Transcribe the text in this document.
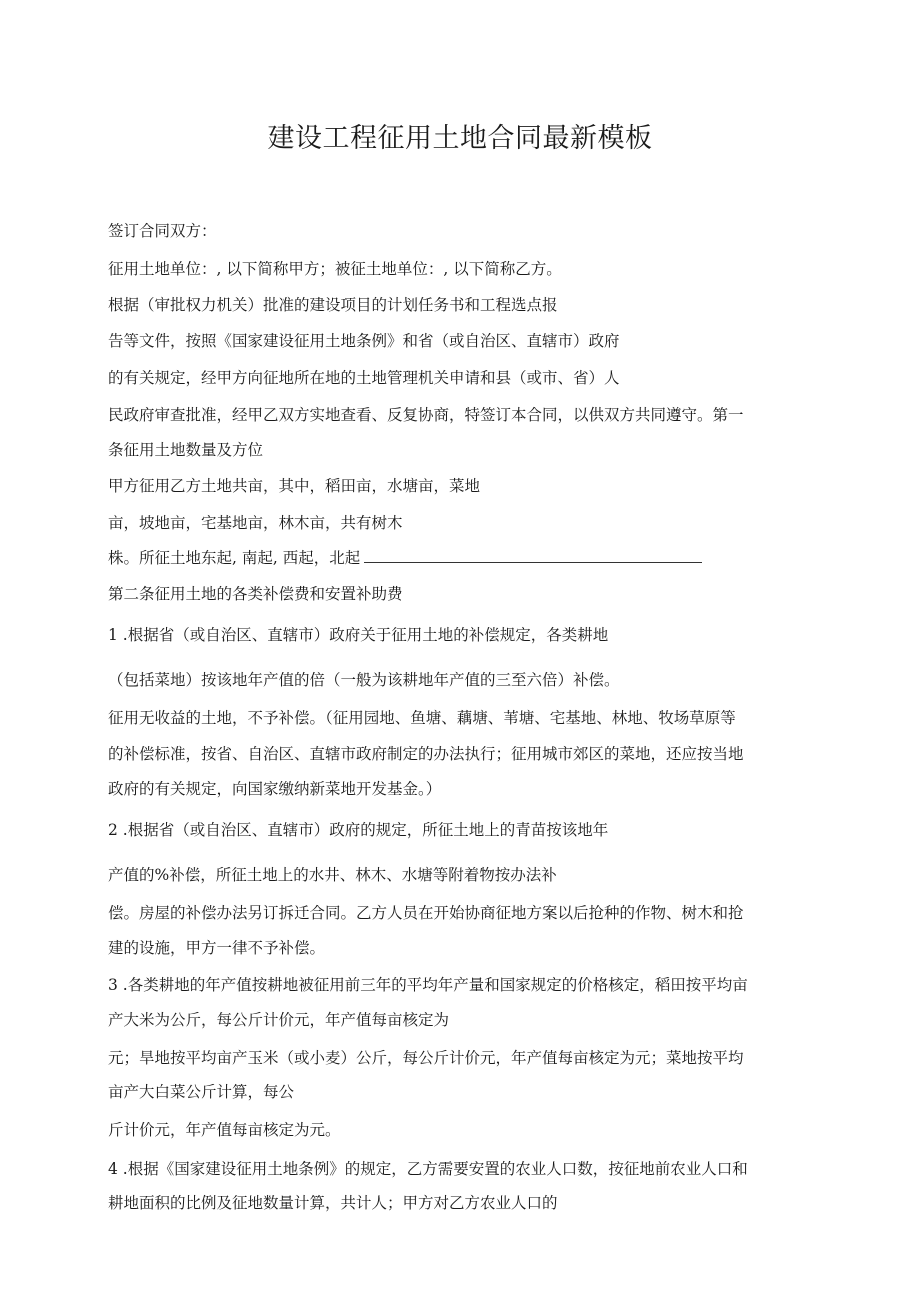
建设工程征用土地合同最新模板
签订合同双方：
征用土地单位：, 以下简称甲方；被征土地单位：, 以下简称乙方。
根据（审批权力机关）批准的建设项目的计划任务书和工程选点报
告等文件，按照《国家建设征用土地条例》和省（或自治区、直辖市）政府
的有关规定，经甲方向征地所在地的土地管理机关申请和县（或市、省）人
民政府审查批准，经甲乙双方实地查看、反复协商，特签订本合同，以供双方共同遵守。第一
条征用土地数量及方位
甲方征用乙方土地共亩，其中，稻田亩，水塘亩，菜地
亩，坡地亩，宅基地亩，林木亩，共有树木
株。所征土地东起, 南起, 西起，北起
第二条征用土地的各类补偿费和安置补助费
1 .根据省（或自治区、直辖市）政府关于征用土地的补偿规定，各类耕地
（包括菜地）按该地年产值的倍（一般为该耕地年产值的三至六倍）补偿。
征用无收益的土地，不予补偿。（征用园地、鱼塘、藕塘、苇塘、宅基地、林地、牧场草原等
的补偿标准，按省、自治区、直辖市政府制定的办法执行；征用城市郊区的菜地，还应按当地
政府的有关规定，向国家缴纳新菜地开发基金。）
2 .根据省（或自治区、直辖市）政府的规定，所征土地上的青苗按该地年
产值的%补偿，所征土地上的水井、林木、水塘等附着物按办法补
偿。房屋的补偿办法另订拆迁合同。乙方人员在开始协商征地方案以后抢种的作物、树木和抢
建的设施，甲方一律不予补偿。
3 .各类耕地的年产值按耕地被征用前三年的平均年产量和国家规定的价格核定，稻田按平均亩
产大米为公斤，每公斤计价元，年产值每亩核定为
元；旱地按平均亩产玉米（或小麦）公斤，每公斤计价元，年产值每亩核定为元；菜地按平均
亩产大白菜公斤计算，每公
斤计价元，年产值每亩核定为元。
4 .根据《国家建设征用土地条例》的规定，乙方需要安置的农业人口数，按征地前农业人口和
耕地面积的比例及征地数量计算，共计人；甲方对乙方农业人口的
